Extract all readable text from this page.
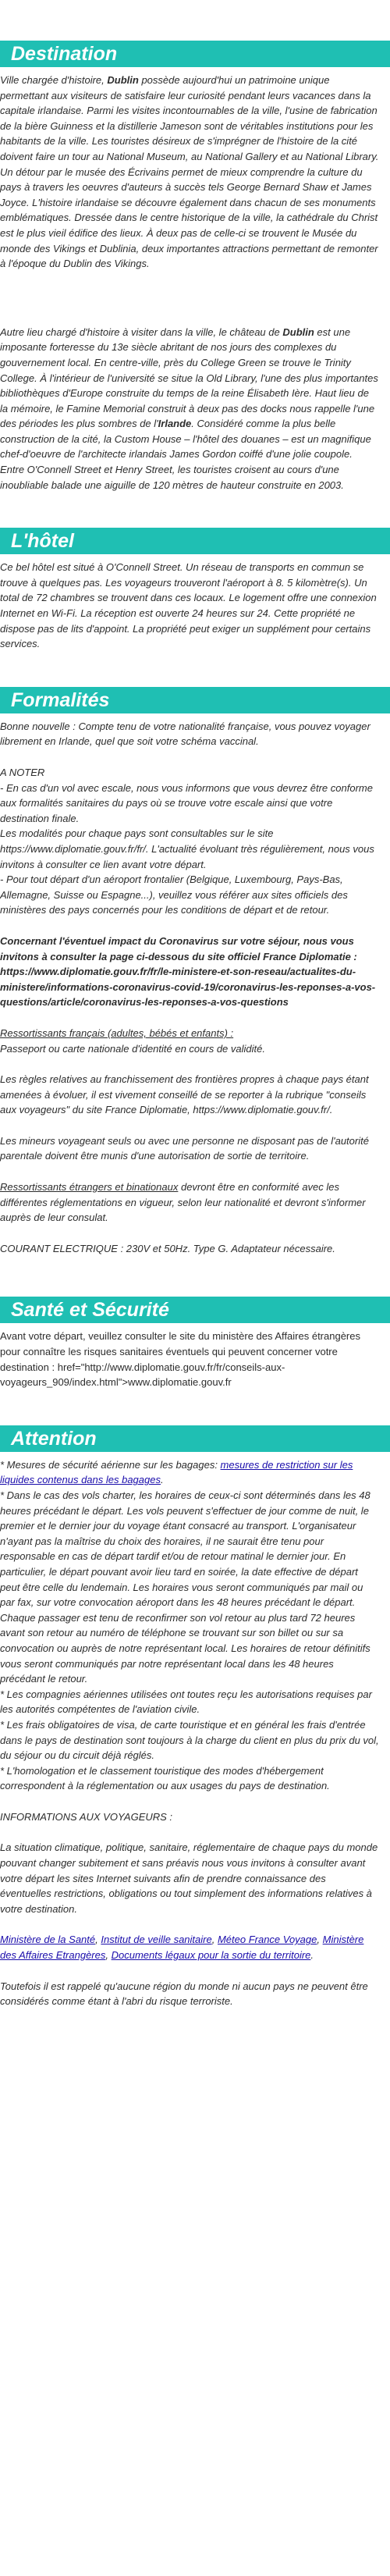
Destination

Ville chargée d'histoire, Dublin possède aujourd'hui un patrimoine unique permettant aux visiteurs de satisfaire leur curiosité pendant leurs vacances dans la capitale irlandaise. Parmi les visites incontournables de la ville, l'usine de fabrication de la bière Guinness et la distillerie Jameson sont de véritables institutions pour les habitants de la ville. Les touristes désireux de s'imprégner de l'histoire de la cité doivent faire un tour au National Museum, au National Gallery et au National Library. Un détour par le musée des Écrivains permet de mieux comprendre la culture du pays à travers les oeuvres d'auteurs à succès tels George Bernard Shaw et James Joyce. L'histoire irlandaise se découvre également dans chacun de ses monuments emblématiques. Dressée dans le centre historique de la ville, la cathédrale du Christ est le plus vieil édifice des lieux. À deux pas de celle-ci se trouvent le Musée du monde des Vikings et Dublinia, deux importantes attractions permettant de remonter à l'époque du Dublin des Vikings.

Autre lieu chargé d'histoire à visiter dans la ville, le château de Dublin est une imposante forteresse du 13e siècle abritant de nos jours des complexes du gouvernement local. En centre-ville, près du College Green se trouve le Trinity College. À l'intérieur de l'université se situe la Old Library, l'une des plus importantes bibliothèques d'Europe construite du temps de la reine Élisabeth Ière. Haut lieu de la mémoire, le Famine Memorial construit à deux pas des docks nous rappelle l'une des périodes les plus sombres de l'Irlande. Considéré comme la plus belle construction de la cité, la Custom House – l'hôtel des douanes – est un magnifique chef-d'oeuvre de l'architecte irlandais James Gordon coiffé d'une jolie coupole. Entre O'Connell Street et Henry Street, les touristes croisent au cours d'une inoubliable balade une aiguille de 120 mètres de hauteur construite en 2003.

L'hôtel

Ce bel hôtel est situé à O'Connell Street. Un réseau de transports en commun se trouve à quelques pas. Les voyageurs trouveront l'aéroport à 8. 5 kilomètre(s). Un total de 72 chambres se trouvent dans ces locaux. Le logement offre une connexion Internet en Wi-Fi. La réception est ouverte 24 heures sur 24. Cette propriété ne dispose pas de lits d'appoint. La propriété peut exiger un supplément pour certains services.

Formalités

Bonne nouvelle : Compte tenu de votre nationalité française, vous pouvez voyager librement en Irlande, quel que soit votre schéma vaccinal.

A NOTER

- En cas d'un vol avec escale, nous vous informons que vous devrez être conforme aux formalités sanitaires du pays où se trouve votre escale ainsi que votre destination finale.

Les modalités pour chaque pays sont consultables sur le site https://www.diplomatie.gouv.fr/fr/. L'actualité évoluant très régulièrement, nous vous invitons à consulter ce lien avant votre départ.

- Pour tout départ d'un aéroport frontalier (Belgique, Luxembourg, Pays-Bas, Allemagne, Suisse ou Espagne...), veuillez vous référer aux sites officiels des ministères des pays concernés pour les conditions de départ et de retour.

Concernant l'éventuel impact du Coronavirus sur votre séjour, nous vous invitons à consulter la page ci-dessous du site officiel France Diplomatie : https://www.diplomatie.gouv.fr/fr/le-ministere-et-son-reseau/actualites-du-ministere/informations-coronavirus-covid-19/coronavirus-les-reponses-a-vos-questions/article/coronavirus-les-reponses-a-vos-questions

Ressortissants français (adultes, bébés et enfants) :

Passeport ou carte nationale d'identité en cours de validité.

Les règles relatives au franchissement des frontières propres à chaque pays étant amenées à évoluer, il est vivement conseillé de se reporter à la rubrique "conseils aux voyageurs" du site France Diplomatie, https://www.diplomatie.gouv.fr/.

Les mineurs voyageant seuls ou avec une personne ne disposant pas de l'autorité parentale doivent être munis d'une autorisation de sortie de territoire.

Ressortissants étrangers et binationaux devront être en conformité avec les différentes réglementations en vigueur, selon leur nationalité et devront s'informer auprès de leur consulat.

COURANT ELECTRIQUE : 230V et 50Hz. Type G. Adaptateur nécessaire.

Santé et Sécurité

Avant votre départ, veuillez consulter le site du ministère des Affaires étrangères pour connaître les risques sanitaires éventuels qui peuvent concerner votre destination : href="http://www.diplomatie.gouv.fr/fr/conseils-aux-voyageurs_909/index.html">www.diplomatie.gouv.fr

Attention

* Mesures de sécurité aérienne sur les bagages: mesures de restriction sur les liquides contenus dans les bagages.

* Dans le cas des vols charter, les horaires de ceux-ci sont déterminés dans les 48 heures précédant le départ. Les vols peuvent s'effectuer de jour comme de nuit, le premier et le dernier jour du voyage étant consacré au transport. L'organisateur n'ayant pas la maîtrise du choix des horaires, il ne saurait être tenu pour responsable en cas de départ tardif et/ou de retour matinal le dernier jour. En particulier, le départ pouvant avoir lieu tard en soirée, la date effective de départ peut être celle du lendemain. Les horaires vous seront communiqués par mail ou par fax, sur votre convocation aéroport dans les 48 heures précédant le départ. Chaque passager est tenu de reconfirmer son vol retour au plus tard 72 heures avant son retour au numéro de téléphone se trouvant sur son billet ou sur sa convocation ou auprès de notre représentant local. Les horaires de retour définitifs vous seront communiqués par notre représentant local dans les 48 heures précédant le retour.

* Les compagnies aériennes utilisées ont toutes reçu les autorisations requises par les autorités compétentes de l'aviation civile.

* Les frais obligatoires de visa, de carte touristique et en général les frais d'entrée dans le pays de destination sont toujours à la charge du client en plus du prix du vol, du séjour ou du circuit déjà réglés.

* L'homologation et le classement touristique des modes d'hébergement correspondent à la réglementation ou aux usages du pays de destination.

INFORMATIONS AUX VOYAGEURS :

La situation climatique, politique, sanitaire, réglementaire de chaque pays du monde pouvant changer subitement et sans préavis nous vous invitons à consulter avant votre départ les sites Internet suivants afin de prendre connaissance des éventuelles restrictions, obligations ou tout simplement des informations relatives à votre destination.

Ministère de la Santé, Institut de veille sanitaire, Méteo France Voyage, Ministère des Affaires Etrangères, Documents légaux pour la sortie du territoire.

Toutefois il est rappelé qu'aucune région du monde ni aucun pays ne peuvent être considérés comme étant à l'abri du risque terroriste.
